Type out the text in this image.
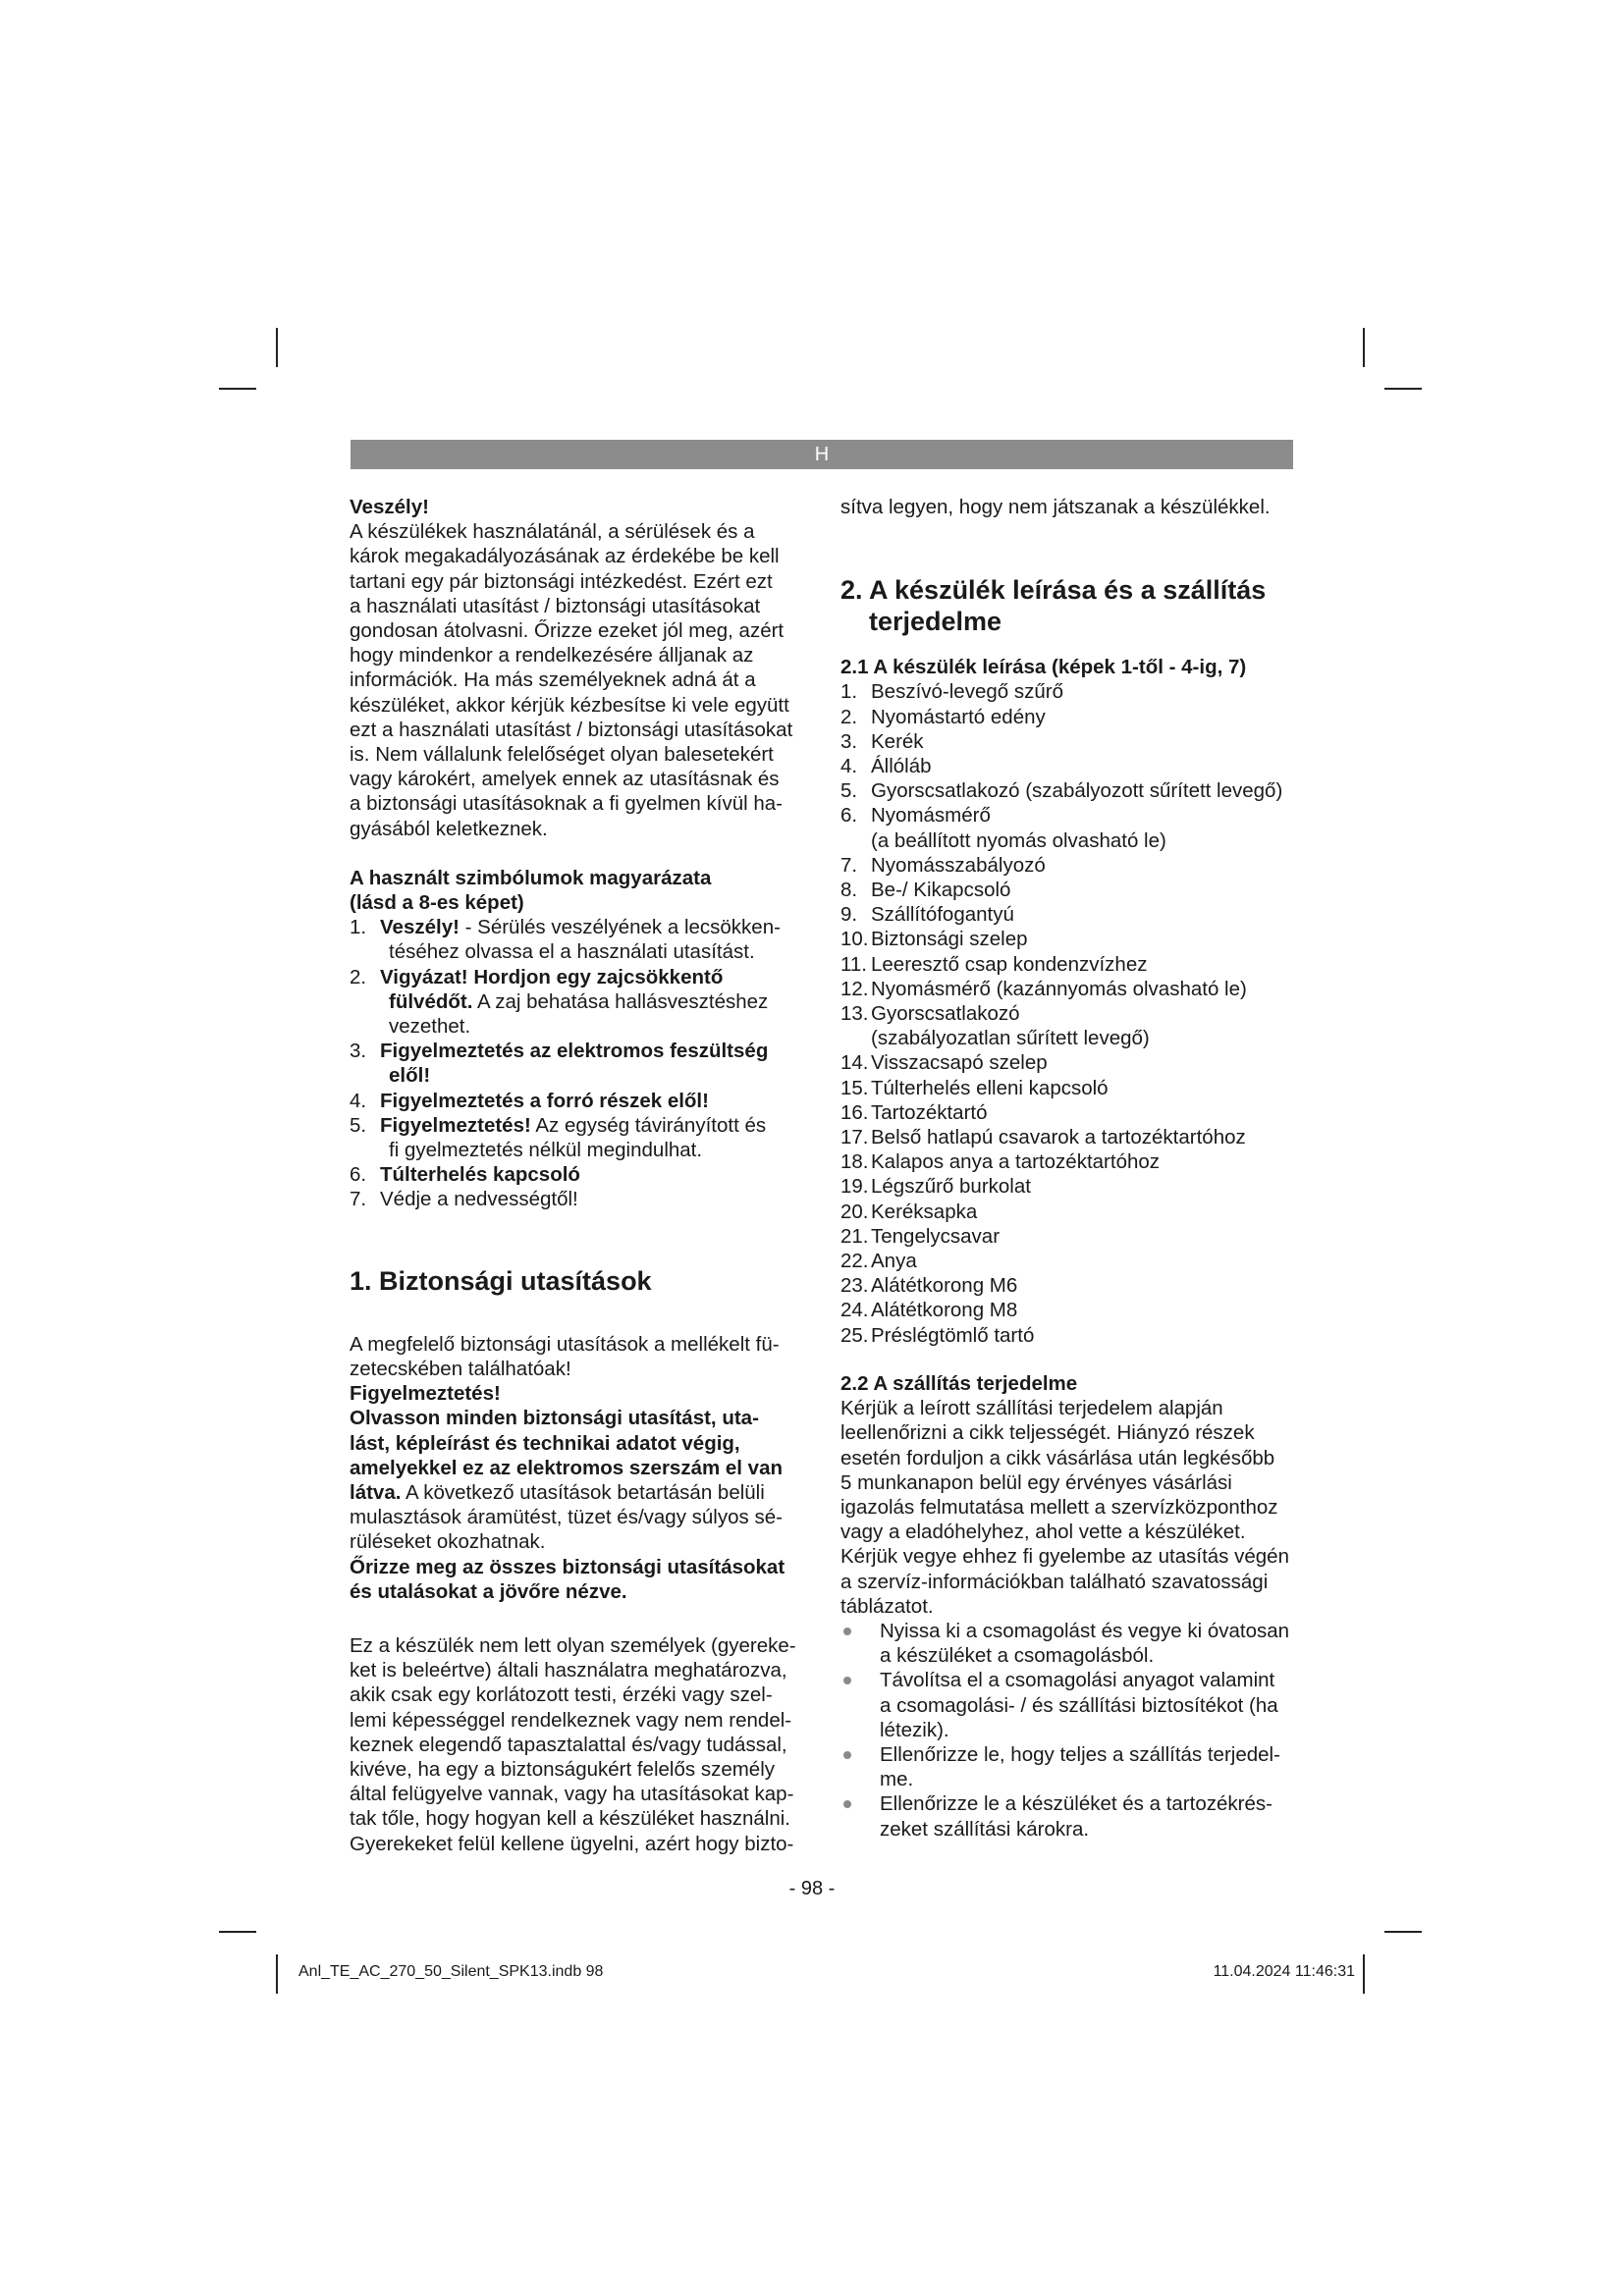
H

Veszély!

A készülékek használatánál, a sérülések és a
károk megakadályozásának az érdekébe be kell
tartani egy pár biztonsági intézkedést. Ezért ezt
a használati utasítást / biztonsági utasításokat
gondosan átolvasni. Őrizze ezeket jól meg, azért
hogy mindenkor a rendelkezésére álljanak az
információk. Ha más személyeknek adná át a
készüléket, akkor kérjük kézbesítse ki vele együtt
ezt a használati utasítást / biztonsági utasításokat
is. Nem vállalunk felelőséget olyan balesetekért
vagy károkért, amelyek ennek az utasításnak és
a biztonsági utasításoknak a fi gyelmen kívül ha-
gyásából keletkeznek.
A használt szimbólumok magyarázata
(lásd a 8-es képet)
1. Veszély! - Sérülés veszélyének a lecsökken-
téséhez olvassa el a használati utasítást.
2. Vigyázat! Hordjon egy zajcsökkentő
fülvédőt. A zaj behatása hallásvesztéshez
vezethet.
3. Figyelmeztetés az elektromos feszültség
elől!
4. Figyelmeztetés a forró részek elől!
5. Figyelmeztetés! Az egység távirányított és
fi gyelmeztetés nélkül megindulhat.
6. Túlterhelés kapcsoló
7. Védje a nedvességtől!
1. Biztonsági utasítások
A megfelelő biztonsági utasítások a mellékelt fü-
zetecskében találhatóak!
Figyelmeztetés!
Olvasson minden biztonsági utasítást, uta-
lást, képleírást és technikai adatot végig,
amelyekkel ez az elektromos szerszám el van
látva. A következő utasítások betartásán belüli
mulasztások áramütést, tüzet és/vagy súlyos sé-
rüléseket okozhatnak.
Őrizze meg az összes biztonsági utasításokat
és utalásokat a jövőre nézve.
Ez a készülék nem lett olyan személyek (gyereke-
ket is beleértve) általi használatra meghatározva,
akik csak egy korlátozott testi, érzéki vagy szel-
lemi képességgel rendelkeznek vagy nem rendel-
keznek elegendő tapasztalattal és/vagy tudással,
kivéve, ha egy a biztonságukért felelős személy
által felügyelve vannak, vagy ha utasításokat kap-
tak tőle, hogy hogyan kell a készüléket használni.
Gyerekeket felül kellene ügyelni, azért hogy bizto-
sítva legyen, hogy nem játszanak a készülékkel.
2. A készülék leírása és a szállítás
terjedelme
2.1 A készülék leírása (képek 1-től - 4-ig, 7)
1. Beszívó-levegő szűrő
2. Nyomástartó edény
3. Kerék
4. Állóláb
5. Gyorscsatlakozó (szabályozott sűrített levegő)
6. Nyomásmérő
(a beállított nyomás olvasható le)
7. Nyomásszabályozó
8. Be-/ Kikapcsoló
9. Szállítófogantyú
10. Biztonsági szelep
11. Leeresztő csap kondenzvízhez
12. Nyomásmérő (kazánnyomás olvasható le)
13. Gyorscsatlakozó
(szabályozatlan sűrített levegő)
14. Visszacsapó szelep
15. Túlterhelés elleni kapcsoló
16. Tartozéktartó
17. Belső hatlapú csavarok a tartozéktartóhoz
18. Kalapos anya a tartozéktartóhoz
19. Légszűrő burkolat
20. Keréksapka
21. Tengelycsavar
22. Anya
23. Alátétkorong M6
24. Alátétkorong M8
25. Préslégtömlő tartó
2.2 A szállítás terjedelme
Kérjük a leírott szállítási terjedelem alapján
leellenőrizni a cikk teljességét. Hiányzó részek
esetén forduljon a cikk vásárlása után legkésőbb
5 munkanapon belül egy érvényes vásárlási
igazolás felmutatása mellett a szervízközponthoz
vagy a eladóhelyhez, ahol vette a készüléket.
Kérjük vegye ehhez fi gyelembe az utasítás végén
a szervíz-információkban található szavatossági
táblázatot.
Nyissa ki a csomagolást és vegye ki óvatosan
a készüléket a csomagolásból.
Távolítsa el a csomagolási anyagot valamint
a csomagolási- / és szállítási biztosítékot (ha
létezik).
Ellenőrizze le, hogy teljes a szállítás terjedel-
me.
Ellenőrizze le a készüléket és a tartozékrés-
zeket szállítási károkra.
- 98 -
Anl_TE_AC_270_50_Silent_SPK13.indb 98	11.04.2024 11:46:31
